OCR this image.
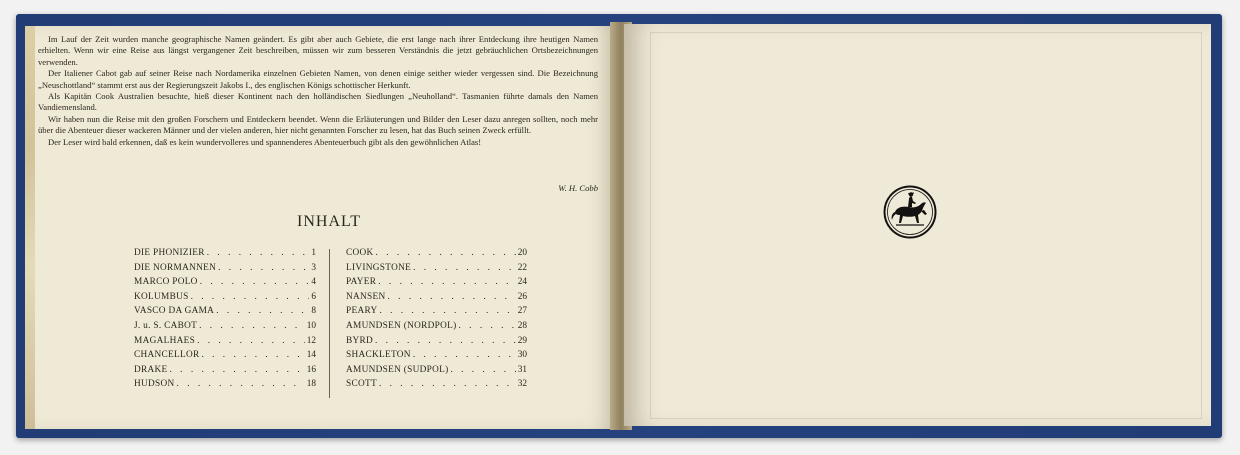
Im Lauf der Zeit wurden manche geographische Namen geändert. Es gibt aber auch Gebiete, die erst lange nach ihrer Entdeckung ihre heutigen Namen erhielten. Wenn wir eine Reise aus längst vergangener Zeit beschreiben, müssen wir zum besseren Verständnis die jetzt gebräuchlichen Ortsbezeichnungen verwenden.

Der Italiener Cabot gab auf seiner Reise nach Nordamerika einzelnen Gebieten Namen, von denen einige seither wieder vergessen sind. Die Bezeichnung „Neuschottland“ stammt erst aus der Regierungszeit Jakobs I., des englischen Königs schottischer Herkunft.

Als Kapitän Cook Australien besuchte, hieß dieser Kontinent nach den holländischen Siedlungen „Neuholland“. Tasmanien führte damals den Namen Vandiemensland.

Wir haben nun die Reise mit den großen Forschern und Entdeckern beendet. Wenn die Erläuterungen und Bilder den Leser dazu anregen sollten, noch mehr über die Abenteuer dieser wackeren Männer und der vielen anderen, hier nicht genannten Forscher zu lesen, hat das Buch seinen Zweck erfüllt.

Der Leser wird bald erkennen, daß es kein wundervolleres und spannenderes Abenteuerbuch gibt als den gewöhnlichen Atlas!

W. H. Cobb
INHALT
DIE PHÖNIZIER . . .	1
DIE NORMANNEN . . .	3
MARCO POLO . . .	4
KOLUMBUS . . .	6
VASCO DA GAMA . . .	8
J. u. S. CABOT . . .	10
MAGALHAES . . .	12
CHANCELLOR . . .	14
DRAKE . . .	16
HUDSON . . .	18
COOK . . .	20
LIVINGSTONE . . .	22
PAYER . . .	24
NANSEN . . .	26
PEARY . . .	27
AMUNDSEN (NORDPOL) . . .	28
BYRD . . .	29
SHACKLETON . . .	30
AMUNDSEN (SÜDPOL) . . .	31
SCOTT . . .	32
